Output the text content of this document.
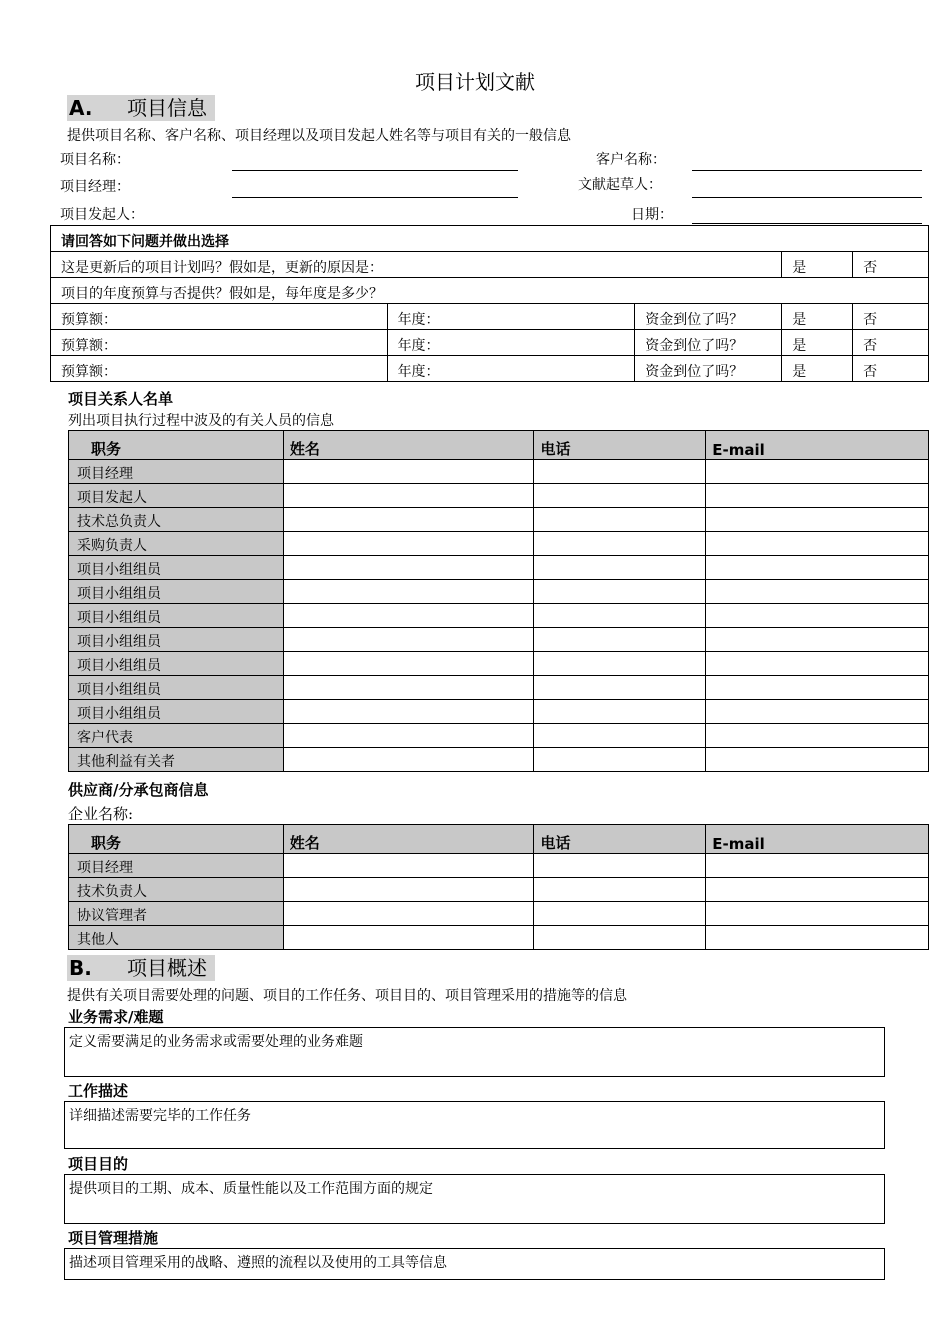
项目计划文献
A. 项目信息
提供项目名称、客户名称、项目经理以及项目发起人姓名等与项目有关的一般信息
项目名称：
项目经理：
项目发起人：
客户名称：
文献起草人：
日期：
请回答如下问题并做出选择				
这是更新后的项目计划吗？假如是，更新的原因是：			是	否
项目的年度预算与否提供？假如是，每年度是多少？				
预算额：	年度：	资金到位了吗？	是	否
预算额：	年度：	资金到位了吗？	是	否
预算额：	年度：	资金到位了吗？	是	否
项目关系人名单
列出项目执行过程中波及的有关人员的信息
职务	姓名	电话	E-mail
项目经理			
项目发起人			
技术总负责人			
采购负责人			
项目小组组员			
项目小组组员			
项目小组组员			
项目小组组员			
项目小组组员			
项目小组组员			
项目小组组员			
客户代表			
其他利益有关者			
供应商/分承包商信息
企业名称:
职务	姓名	电话	E-mail
项目经理			
技术负责人			
协议管理者			
其他人			
B. 项目概述
提供有关项目需要处理的问题、项目的工作任务、项目目的、项目管理采用的措施等的信息
业务需求/难题
定义需要满足的业务需求或需要处理的业务难题
工作描述
详细描述需要完毕的工作任务
项目目的
提供项目的工期、成本、质量性能以及工作范围方面的规定
项目管理措施
描述项目管理采用的战略、遵照的流程以及使用的工具等信息
